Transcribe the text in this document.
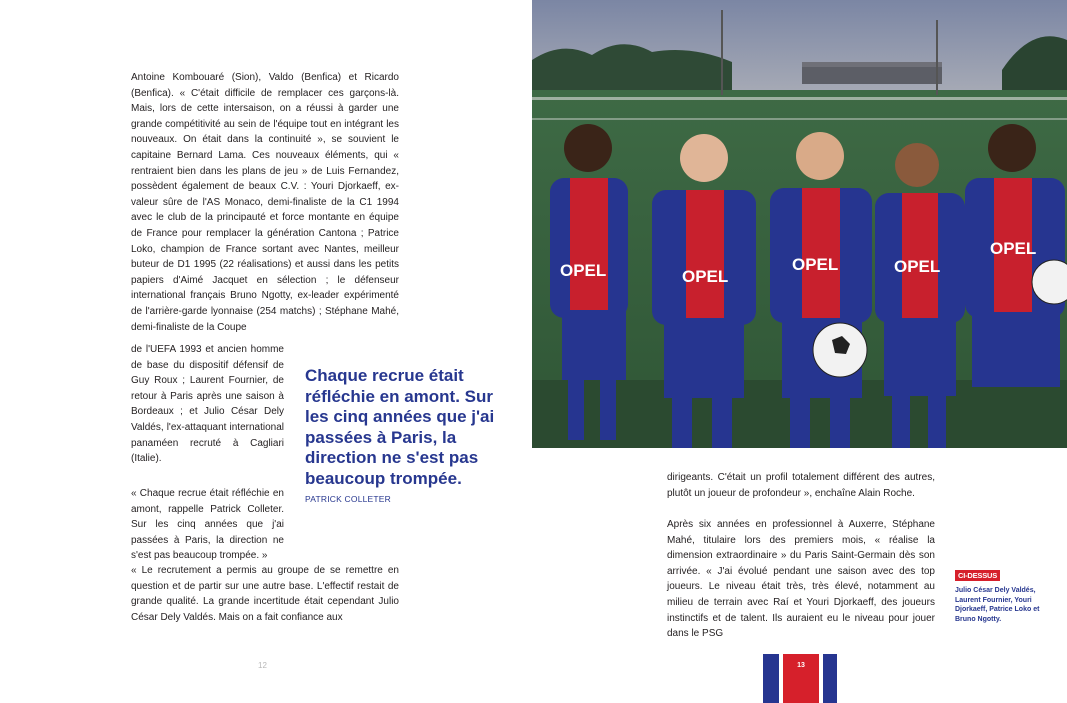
Antoine Kombouaré (Sion), Valdo (Benfica) et Ricardo (Benfica). « C'était difficile de remplacer ces garçons-là. Mais, lors de cette intersaison, on a réussi à garder une grande compétitivité au sein de l'équipe tout en intégrant les nouveaux. On était dans la continuité », se souvient le capitaine Bernard Lama. Ces nouveaux éléments, qui « rentraient bien dans les plans de jeu » de Luis Fernandez, possèdent également de beaux C.V. : Youri Djorkaeff, ex-valeur sûre de l'AS Monaco, demi-finaliste de la C1 1994 avec le club de la principauté et force montante en équipe de France pour remplacer la génération Cantona ; Patrice Loko, champion de France sortant avec Nantes, meilleur buteur de D1 1995 (22 réalisations) et aussi dans les petits papiers d'Aimé Jacquet en sélection ; le défenseur international français Bruno Ngotty, ex-leader expérimenté de l'arrière-garde lyonnaise (254 matchs) ; Stéphane Mahé, demi-finaliste de la Coupe

de l'UEFA 1993 et ancien homme de base du dispositif défensif de Guy Roux ; Laurent Fournier, de retour à Paris après une saison à Bordeaux ; et Julio César Dely Valdés, l'ex-attaquant international panaméen recruté à Cagliari (Italie).

« Chaque recrue était réfléchie en amont, rappelle Patrick Colleter. Sur les cinq années que j'ai passées à Paris, la direction ne s'est pas beaucoup trompée. »

« Le recrutement a permis au groupe de se remettre en question et de partir sur une autre base. L'effectif restait de grande qualité. La grande incertitude était cependant Julio César Dely Valdés. Mais on a fait confiance aux

Chaque recrue était réfléchie en amont. Sur les cinq années que j'ai passées à Paris, la direction ne s'est pas beaucoup trompée.

PATRICK COLLETER
12
OPEL	OPEL
OPEL	OPEL
OPEL

dirigeants. C'était un profil totalement différent des autres, plutôt un joueur de profondeur », enchaîne Alain Roche.

Après six années en professionnel à Auxerre, Stéphane Mahé, titulaire lors des premiers mois, « réalise la dimension extraordinaire » du Paris Saint-Germain dès son arrivée. « J'ai évolué pendant une saison avec des top joueurs. Le niveau était très, très élevé, notamment au milieu de terrain avec Raí et Youri Djorkaeff, des joueurs instinctifs et de talent. Ils auraient eu le niveau pour jouer dans le PSG

CI-DESSUS
Julio César Dely Valdés, Laurent Fournier, Youri Djorkaeff, Patrice Loko et Bruno Ngotty.
13
